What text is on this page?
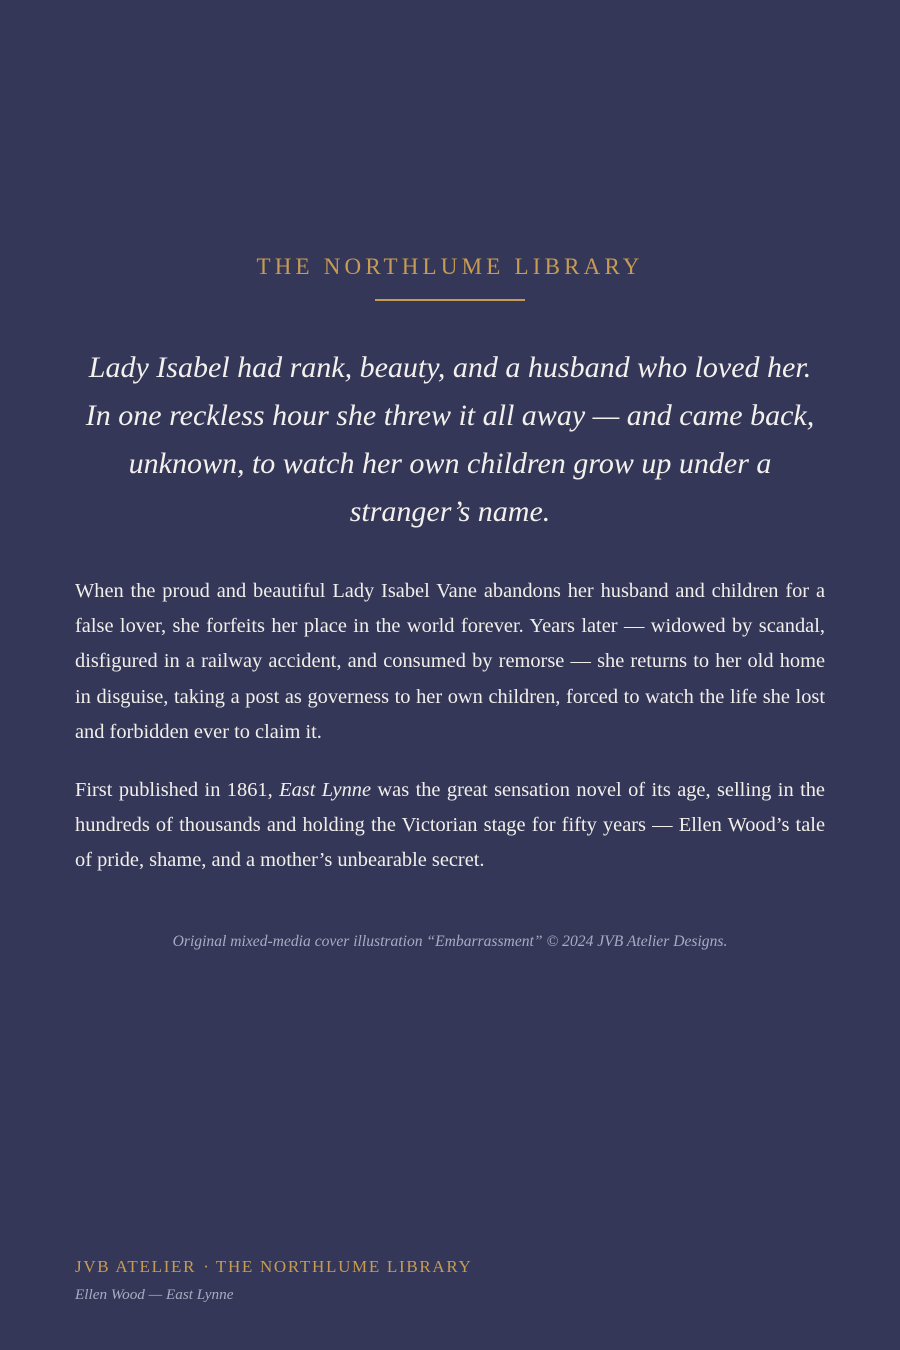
THE NORTHLUME LIBRARY
Lady Isabel had rank, beauty, and a husband who loved her.
In one reckless hour she threw it all away — and came back,
unknown, to watch her own children grow up under a
stranger’s name.

When the proud and beautiful Lady Isabel Vane abandons her husband and children for a false lover, she forfeits her place in the world forever. Years later — widowed by scandal, disfigured in a railway accident, and consumed by remorse — she returns to her old home in disguise, taking a post as governess to her own children, forced to watch the life she lost and forbidden ever to claim it.

First published in 1861, East Lynne was the great sensation novel of its age, selling in the hundreds of thousands and holding the Victorian stage for fifty years — Ellen Wood’s tale of pride, shame, and a mother’s unbearable secret.

Original mixed-media cover illustration “Embarrassment” © 2024 JVB Atelier Designs.
JVB ATELIER · THE NORTHLUME LIBRARY
Ellen Wood — East Lynne
